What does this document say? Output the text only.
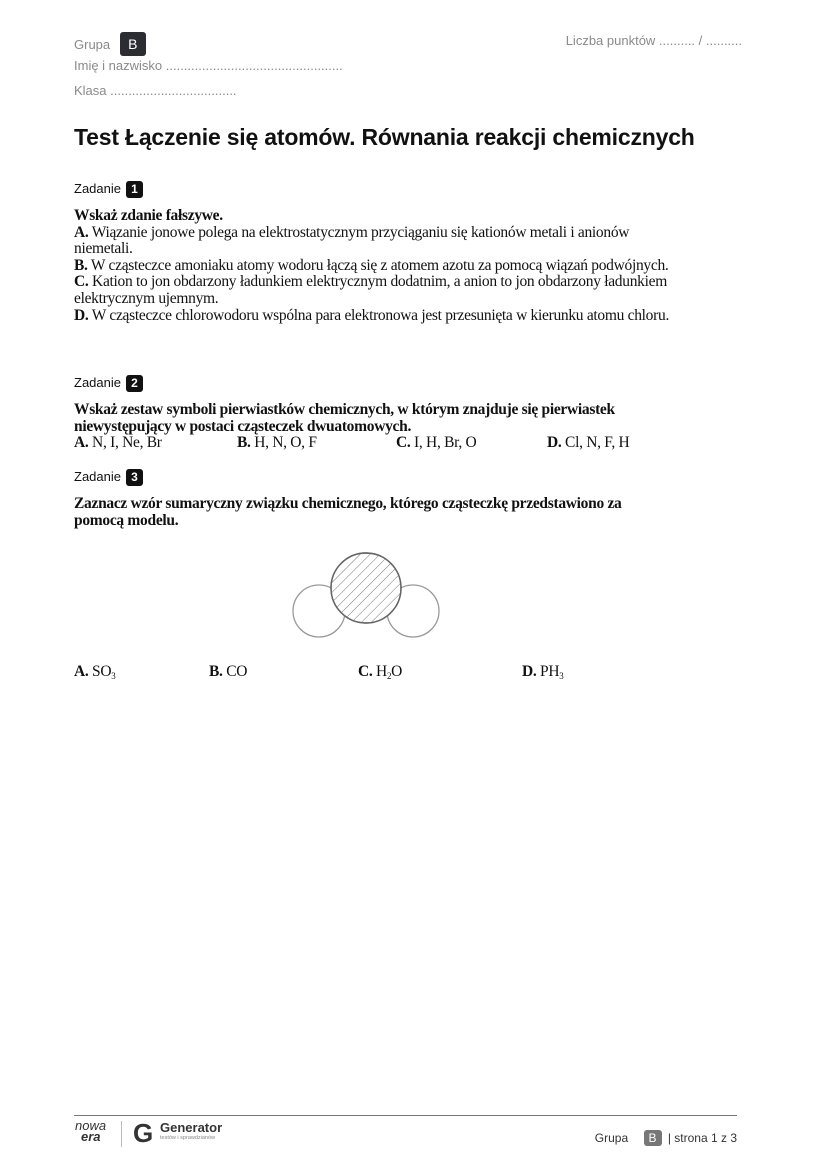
Grupa B	Liczba punktów .......... / ..........
Imię i nazwisko .................................................
Klasa ...................................
Test Łączenie się atomów. Równania reakcji chemicznych
Zadanie 1
Wskaż zdanie fałszywe.
A. Wiązanie jonowe polega na elektrostatycznym przyciąganiu się kationów metali i anionów niemetali.
B. W cząsteczce amoniaku atomy wodoru łączą się z atomem azotu za pomocą wiązań podwójnych.
C. Kation to jon obdarzony ładunkiem elektrycznym dodatnim, a anion to jon obdarzony ładunkiem elektrycznym ujemnym.
D. W cząsteczce chlorowodoru wspólna para elektronowa jest przesunięta w kierunku atomu chloru.
Zadanie 2
Wskaż zestaw symboli pierwiastków chemicznych, w którym znajduje się pierwiastek niewystępujący w postaci cząsteczek dwuatomowych.
A. N, I, Ne, Br	B. H, N, O, F	C. I, H, Br, O	D. Cl, N, F, H
Zadanie 3
Zaznacz wzór sumaryczny związku chemicznego, którego cząsteczkę przedstawiono za pomocą modelu.
A. $SO_3$	B. CO	C. $H_2O$	D. $PH_3$
nowa
era G Generator
testów i sprawdzianów	Grupa B | strona 1 z 3
